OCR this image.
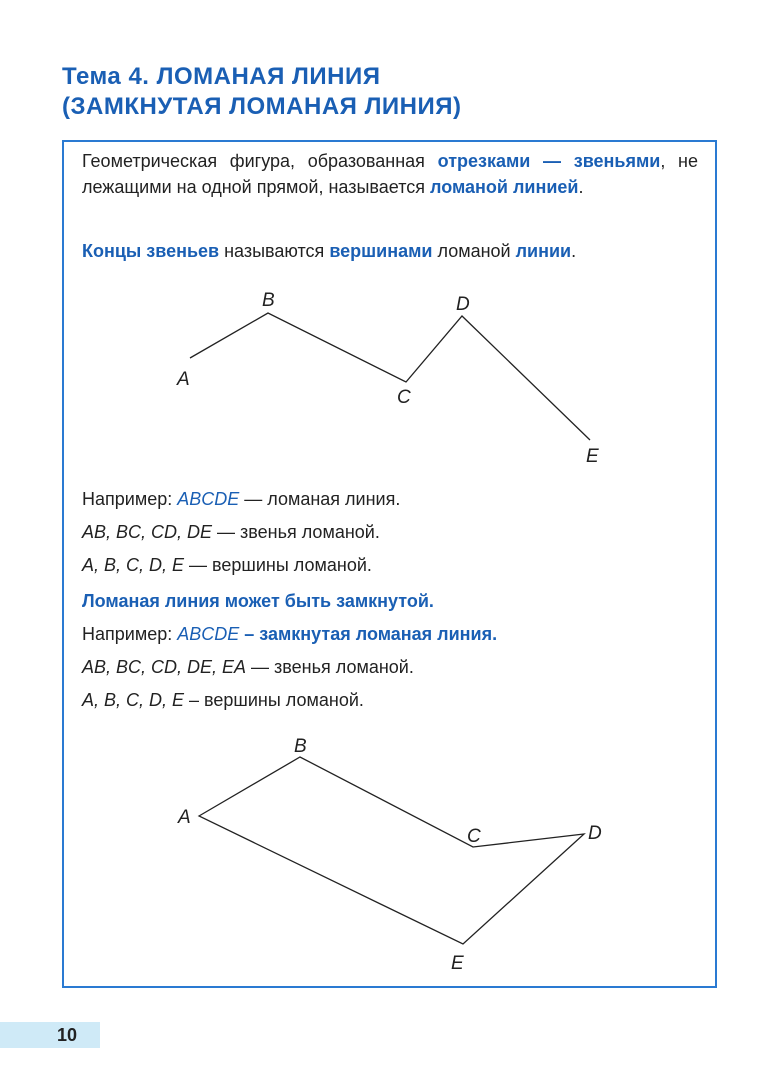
Тема 4. ЛОМАНАЯ ЛИНИЯ
(ЗАМКНУТАЯ ЛОМАНАЯ ЛИНИЯ)
Геометрическая фигура, образованная отрезками — звеньями, не лежащими на одной прямой, называется ломаной линией.
Концы звеньев называются вершинами ломаной линии.
A
B
C
D
E
A
B
C	D
E
Например: ABCDE — ломаная линия.
AB, BC, CD, DE — звенья ломаной.
A, B, C, D, E — вершины ломаной.
Ломаная линия может быть замкнутой.
Например: ABCDE – замкнутая ломаная линия.
AB, BC, CD, DE, EA — звенья ломаной.
A, B, C, D, E – вершины ломаной.
10
